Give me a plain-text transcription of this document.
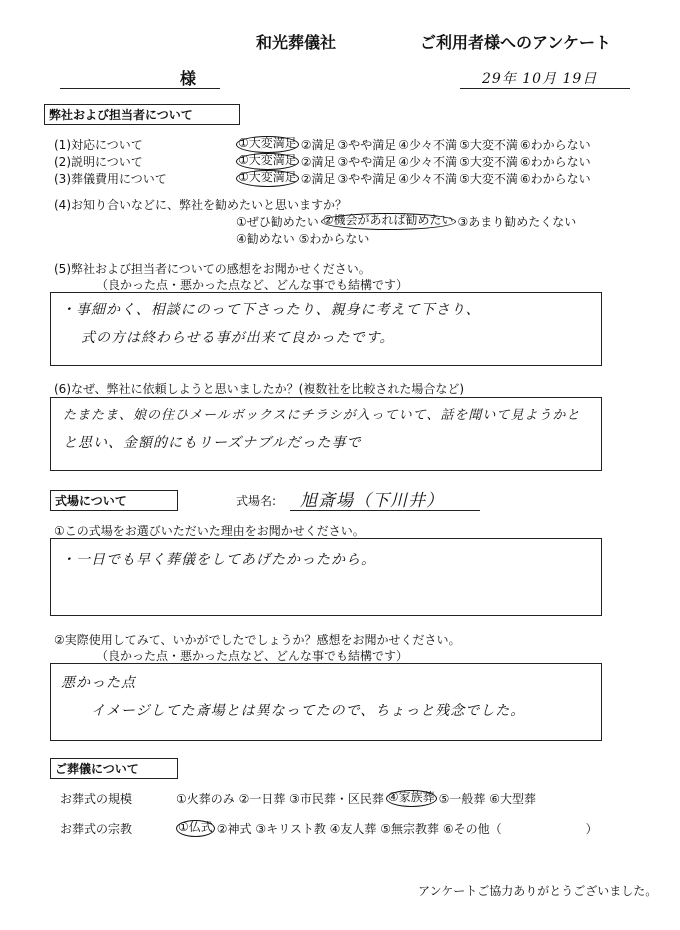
和光葬儀社	ご利用者様へのアンケート
様	29年 10月 19日
弊社および担当者について
(1)対応について	①大変満足 ②満足 ③やや満足 ④少々不満 ⑤大変不満 ⑥わからない
(2)説明について	①大変満足 ②満足 ③やや満足 ④少々不満 ⑤大変不満 ⑥わからない
(3)葬儀費用について	①大変満足 ②満足 ③やや満足 ④少々不満 ⑤大変不満 ⑥わからない
(4)お知り合いなどに、弊社を勧めたいと思いますか？
①ぜひ勧めたい ②機会があれば勧めたい ③あまり勧めたくない
④勧めない ⑤わからない
(5)弊社および担当者についての感想をお聞かせください。
（良かった点・悪かった点など、どんな事でも結構です）
・事細かく、相談にのって下さったり、親身に考えて下さり、
式の方は終わらせる事が出来て良かったです。
(6)なぜ、弊社に依頼しようと思いましたか？(複数社を比較された場合など)
たまたま、娘の住ひメールボックスにチラシが入っていて、話を聞いて見ようかと
と思い、金額的にもリーズナブルだった事で
式場について	式場名: 旭斎場（下川井）
①この式場をお選びいただいた理由をお聞かせください。
・一日でも早く葬儀をしてあげたかったから。
②実際使用してみて、いかがでしたでしょうか？感想をお聞かせください。
（良かった点・悪かった点など、どんな事でも結構です）
悪かった点
イメージしてた斎場とは異なってたので、ちょっと残念でした。
ご葬儀について
お葬式の規模	①火葬のみ ②一日葬 ③市民葬・区民葬 ④家族葬 ⑤一般葬 ⑥大型葬
お葬式の宗教	①仏式 ②神式 ③キリスト教 ④友人葬 ⑤無宗教葬 ⑥その他（　　　　　　　）
アンケートご協力ありがとうございました。
